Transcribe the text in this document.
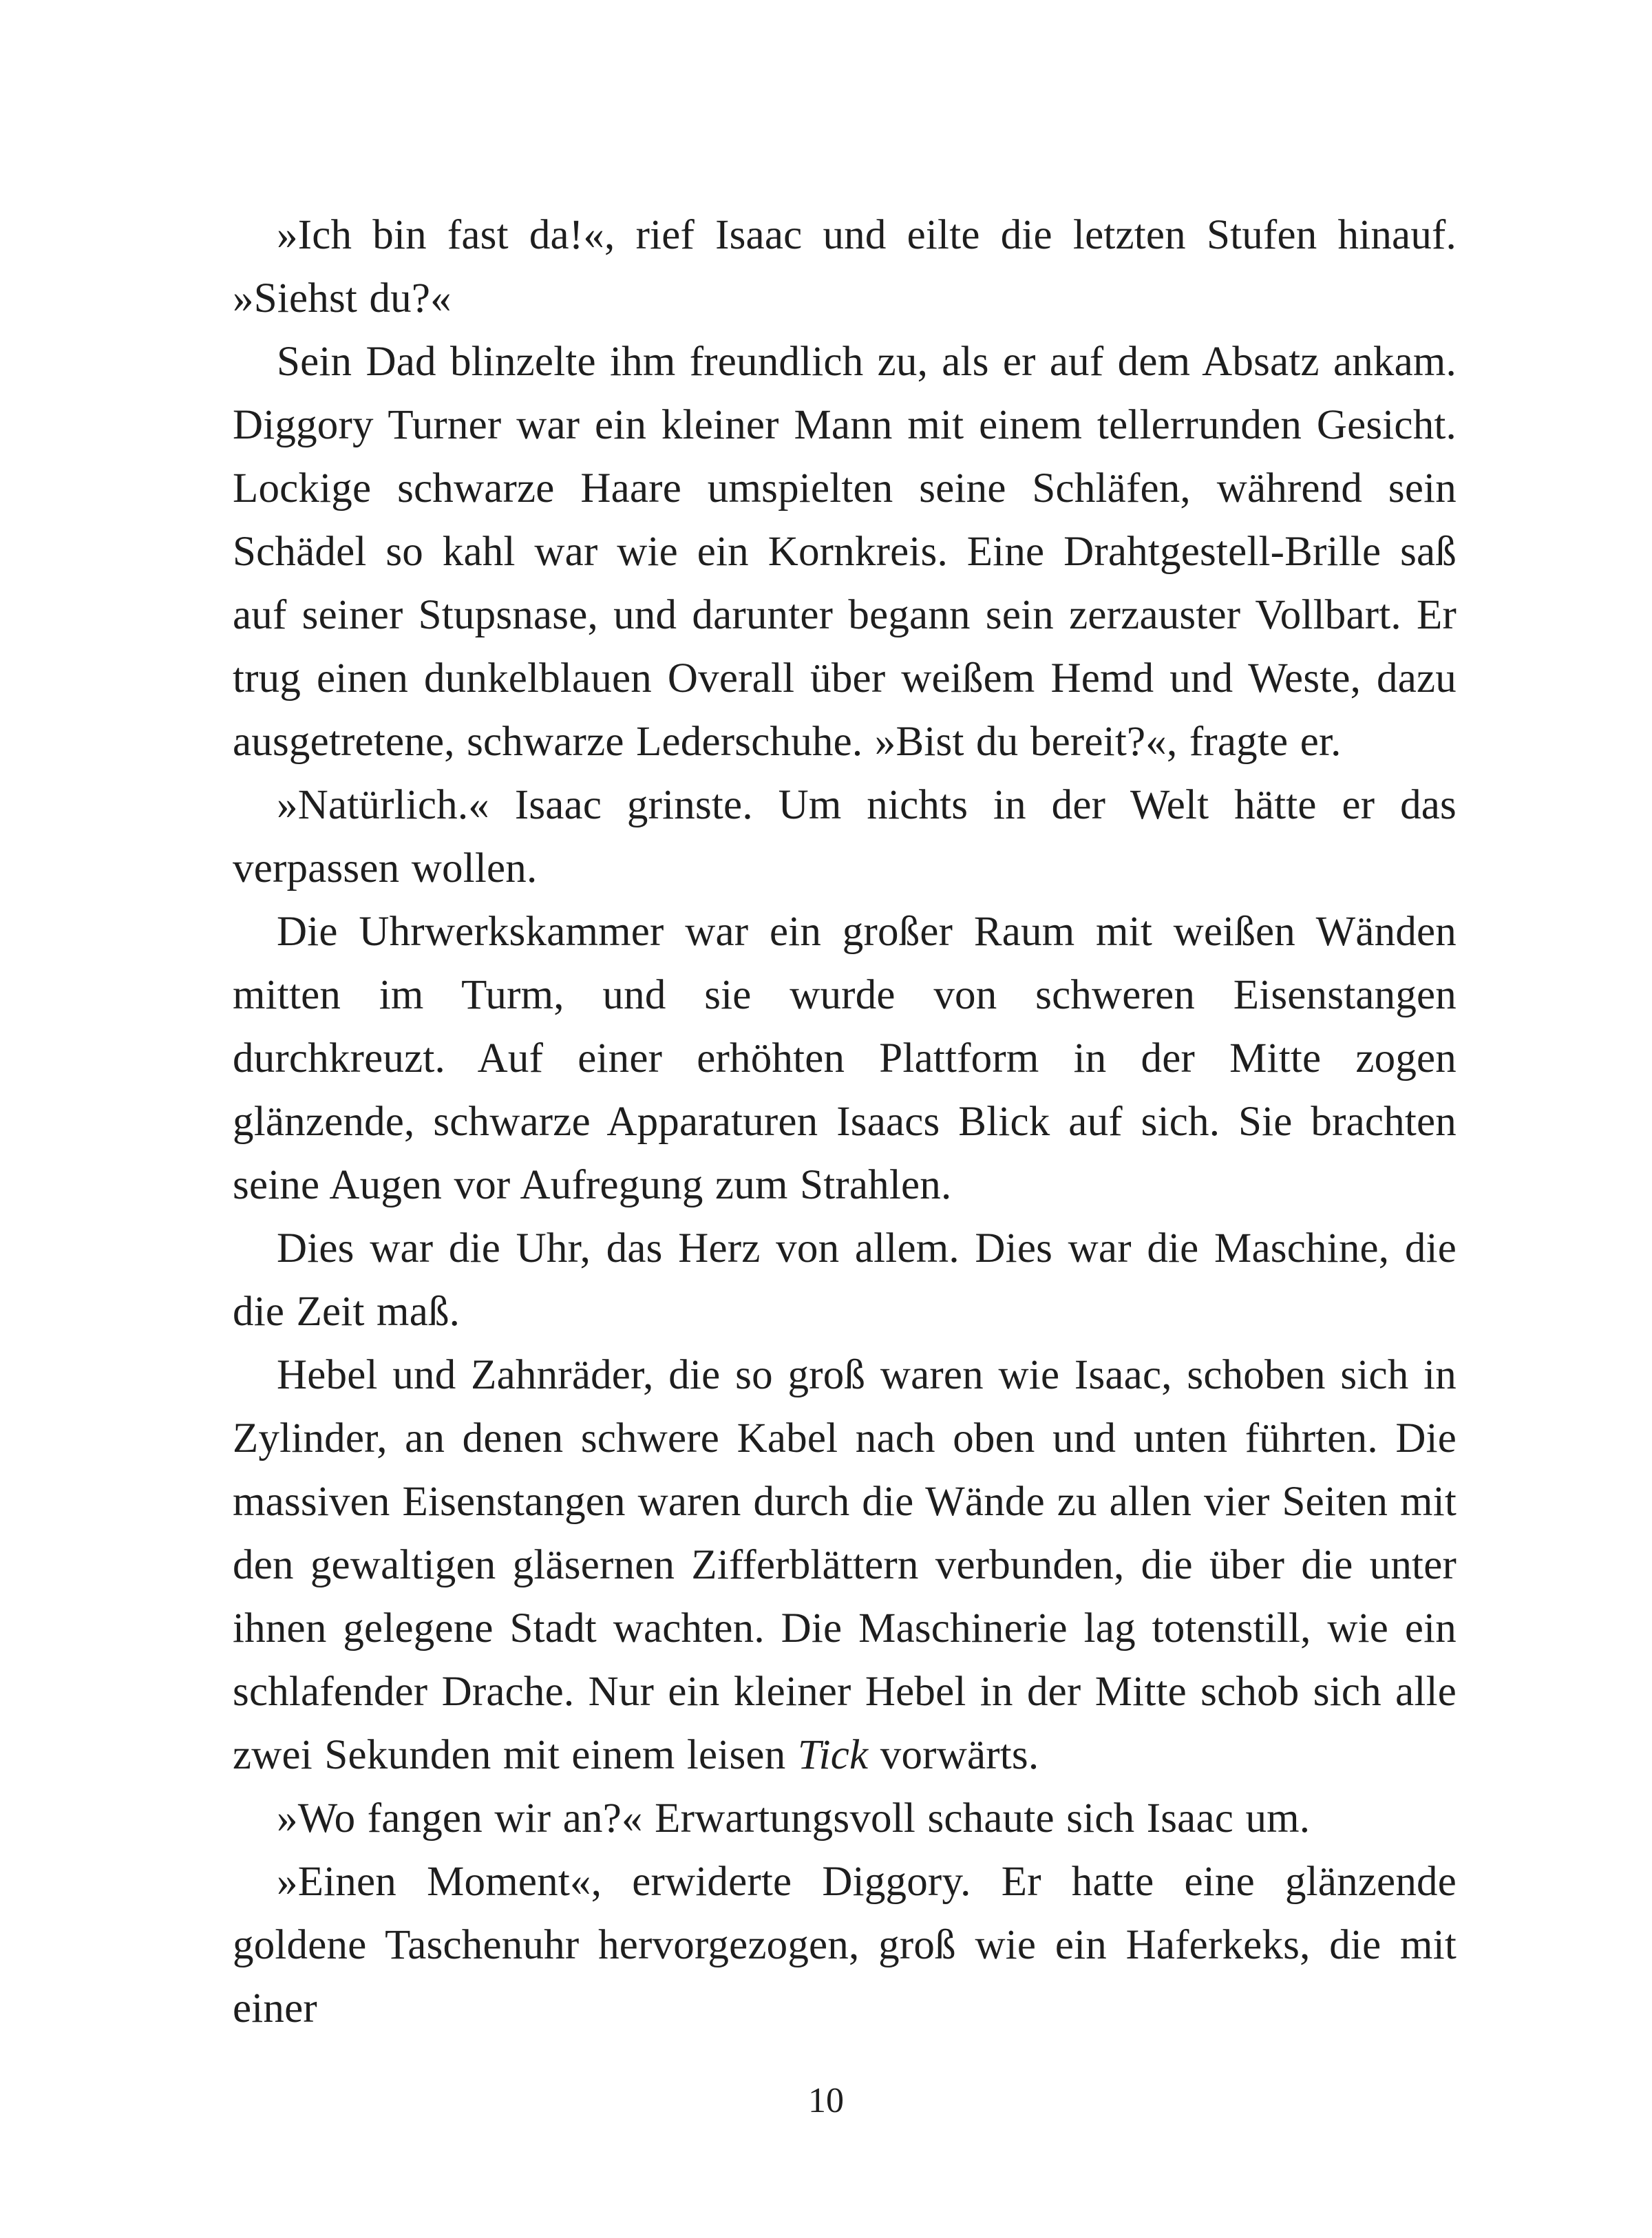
»Ich bin fast da!«, rief Isaac und eilte die letzten Stufen hinauf. »Siehst du?«

Sein Dad blinzelte ihm freundlich zu, als er auf dem Absatz ankam. Diggory Turner war ein kleiner Mann mit einem tellerrunden Gesicht. Lockige schwarze Haare umspielten seine Schläfen, während sein Schädel so kahl war wie ein Kornkreis. Eine Drahtgestell-Brille saß auf seiner Stupsnase, und darunter begann sein zerzauster Vollbart. Er trug einen dunkelblauen Overall über weißem Hemd und Weste, dazu ausgetretene, schwarze Lederschuhe. »Bist du bereit?«, fragte er.

»Natürlich.« Isaac grinste. Um nichts in der Welt hätte er das verpassen wollen.

Die Uhrwerkskammer war ein großer Raum mit weißen Wänden mitten im Turm, und sie wurde von schweren Eisenstangen durchkreuzt. Auf einer erhöhten Plattform in der Mitte zogen glänzende, schwarze Apparaturen Isaacs Blick auf sich. Sie brachten seine Augen vor Aufregung zum Strahlen.

Dies war die Uhr, das Herz von allem. Dies war die Maschine, die die Zeit maß.

Hebel und Zahnräder, die so groß waren wie Isaac, schoben sich in Zylinder, an denen schwere Kabel nach oben und unten führten. Die massiven Eisenstangen waren durch die Wände zu allen vier Seiten mit den gewaltigen gläsernen Zifferblättern verbunden, die über die unter ihnen gelegene Stadt wachten. Die Maschinerie lag totenstill, wie ein schlafender Drache. Nur ein kleiner Hebel in der Mitte schob sich alle zwei Sekunden mit einem leisen Tick vorwärts.

»Wo fangen wir an?« Erwartungsvoll schaute sich Isaac um.

»Einen Moment«, erwiderte Diggory. Er hatte eine glänzende goldene Taschenuhr hervorgezogen, groß wie ein Haferkeks, die mit einer

10
